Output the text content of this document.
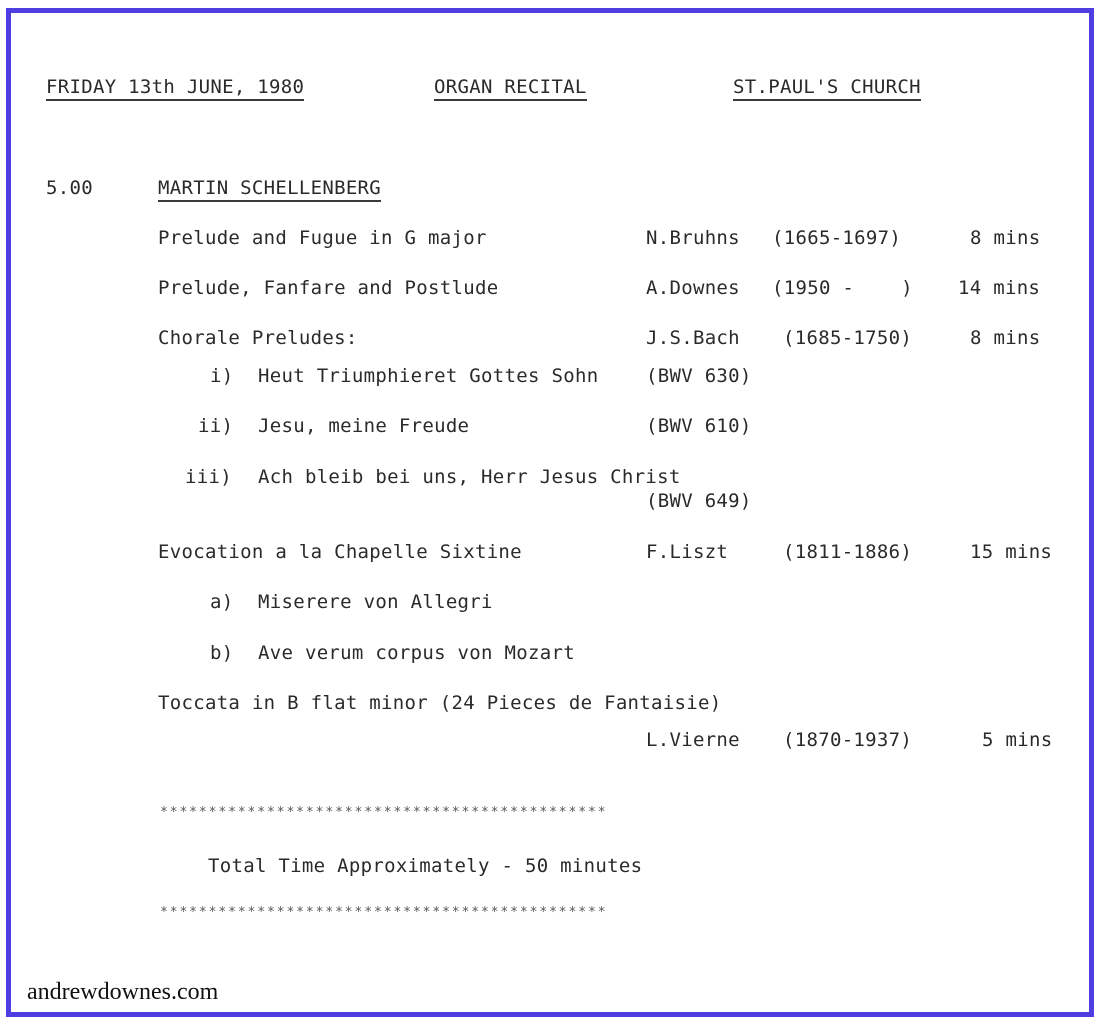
FRIDAY 13th JUNE, 1980	ORGAN RECITAL	ST.PAUL'S CHURCH
5.00	MARTIN SCHELLENBERG
Prelude and Fugue in G major	N.Bruhns (1665-1697)	8 mins
Prelude, Fanfare and Postlude	A.Downes (1950 -    ) 14 mins
Chorale Preludes:	J.S.Bach (1685-1750)	8 mins
i) Heut Triumphieret Gottes Sohn	(BWV 630)
ii) Jesu, meine Freude	(BWV 610)
iii) Ach bleib bei uns, Herr Jesus Christ
(BWV 649)
Evocation a la Chapelle Sixtine	F.Liszt	(1811-1886)	15 mins
a) Miserere von Allegri
b) Ave verum corpus von Mozart
Toccata in B flat minor (24 Pieces de Fantaisie)
L.Vierne (1870-1937)	5 mins
**********************************************
Total Time Approximately - 50 minutes
**********************************************
andrewdownes.com
